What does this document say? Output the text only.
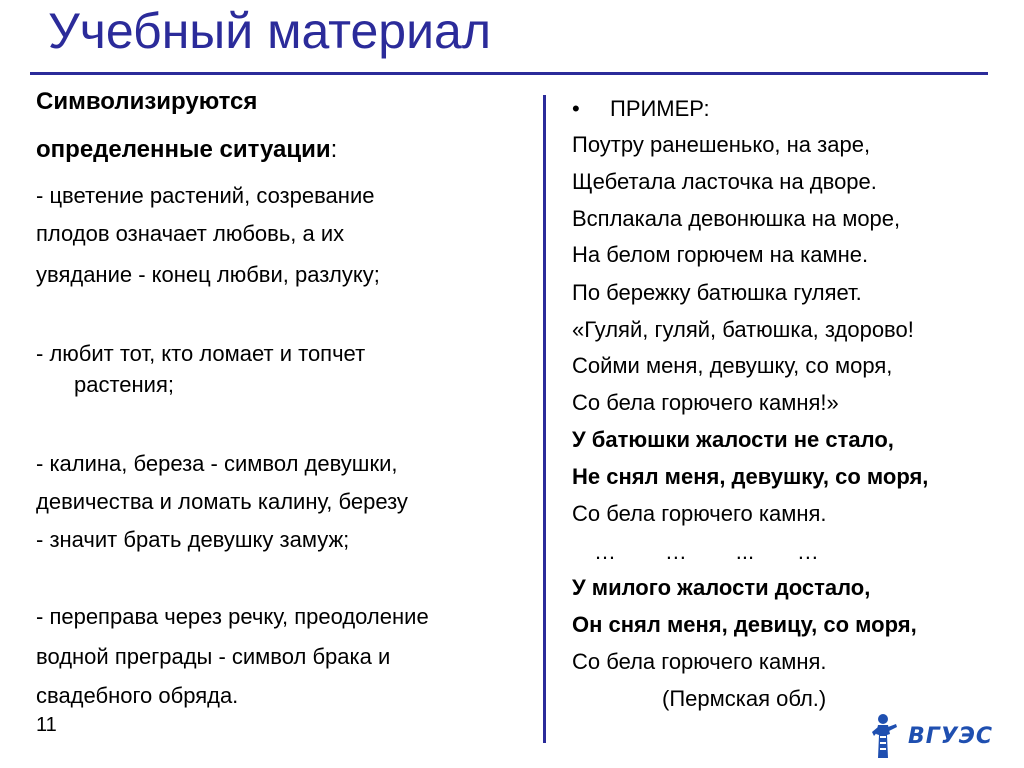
Учебный материал
Символизируются
определенные ситуации:
- цветение растений, созревание
плодов означает любовь, а их
увядание - конец любви, разлуку;
- любит тот, кто ломает и топчет
растения;
- калина, береза - символ девушки,
девичества и ломать калину, березу
- значит брать девушку замуж;
- переправа через речку, преодоление
водной преграды - символ брака и
свадебного обряда.
11
• ПРИМЕР:
Поутру ранешенько, на заре,
Щебетала ласточка на дворе.
Всплакала девонюшка на море,
На белом горючем на камне.
По бережку батюшка гуляет.
«Гуляй, гуляй, батюшка, здорово!
Сойми меня, девушку, со моря,
Со бела горючего камня!»
У батюшки жалости не стало,
Не снял меня, девушку, со моря,
Со бела горючего камня.
…        …        ...       …
У милого жалости достало,
Он снял меня, девицу, со моря,
Со бела горючего камня.
(Пермская обл.)
ВГУЭС
